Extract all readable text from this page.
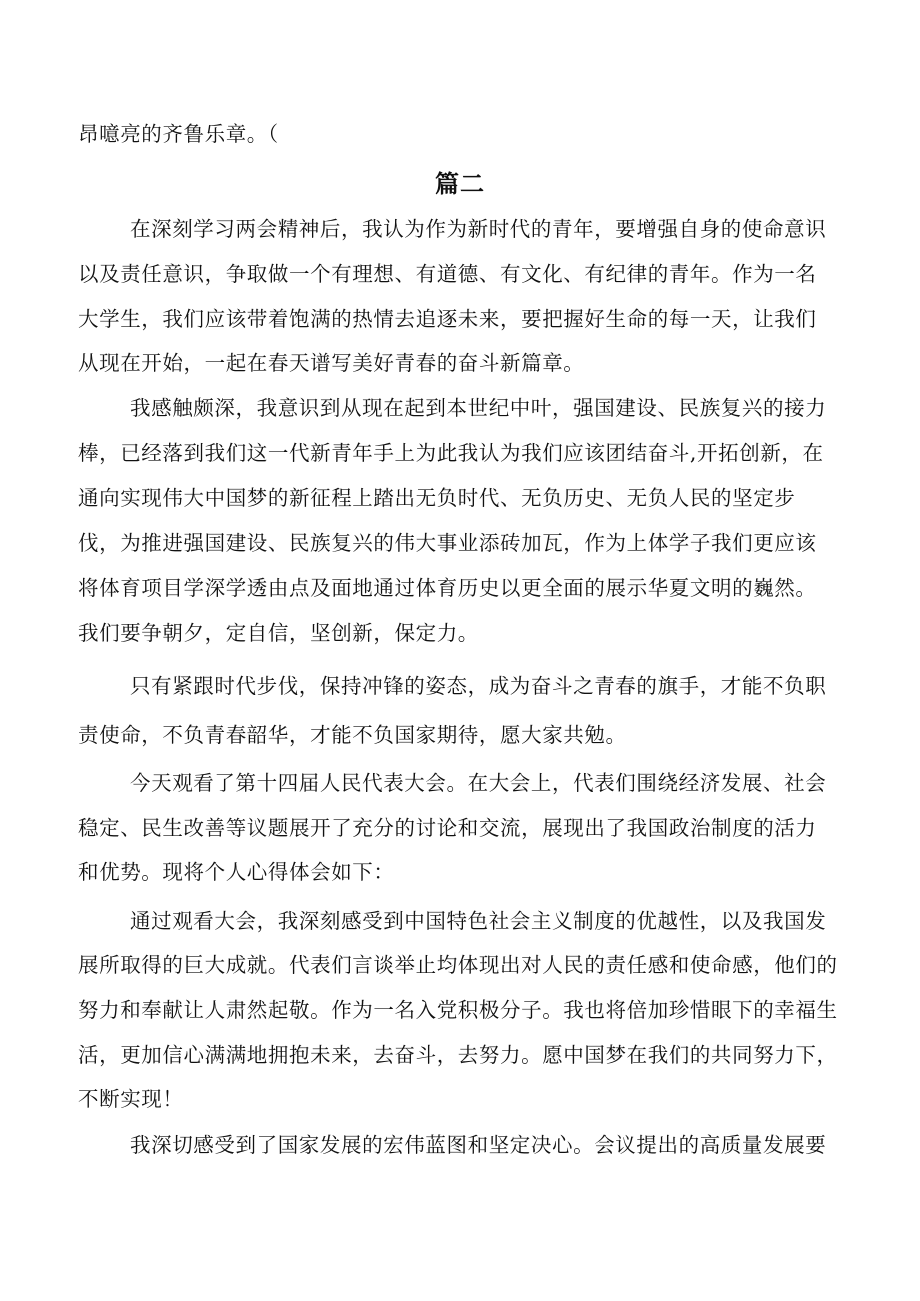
昂噫亮的齐鲁乐章。（

篇二

在深刻学习两会精神后，我认为作为新时代的青年，要增强自身的使命意识

以及责任意识，争取做一个有理想、有道德、有文化、有纪律的青年。作为一名

大学生，我们应该带着饱满的热情去追逐未来，要把握好生命的每一天，让我们

从现在开始，一起在春天谱写美好青春的奋斗新篇章。

我感触颇深，我意识到从现在起到本世纪中叶，强国建设、民族复兴的接力

棒，已经落到我们这一代新青年手上为此我认为我们应该团结奋斗,开拓创新，在

通向实现伟大中国梦的新征程上踏出无负时代、无负历史、无负人民的坚定步

伐，为推进强国建设、民族复兴的伟大事业添砖加瓦，作为上体学子我们更应该

将体育项目学深学透由点及面地通过体育历史以更全面的展示华夏文明的巍然。

我们要争朝夕，定自信，坚创新，保定力。

只有紧跟时代步伐，保持冲锋的姿态，成为奋斗之青春的旗手，才能不负职

责使命，不负青春韶华，才能不负国家期待，愿大家共勉。

今天观看了第十四届人民代表大会。在大会上，代表们围绕经济发展、社会

稳定、民生改善等议题展开了充分的讨论和交流，展现出了我国政治制度的活力

和优势。现将个人心得体会如下：

通过观看大会，我深刻感受到中国特色社会主义制度的优越性，以及我国发

展所取得的巨大成就。代表们言谈举止均体现出对人民的责任感和使命感，他们的

努力和奉献让人肃然起敬。作为一名入党积极分子。我也将倍加珍惜眼下的幸福生

活，更加信心满满地拥抱未来，去奋斗，去努力。愿中国梦在我们的共同努力下，

不断实现！

我深切感受到了国家发展的宏伟蓝图和坚定决心。会议提出的高质量发展要
